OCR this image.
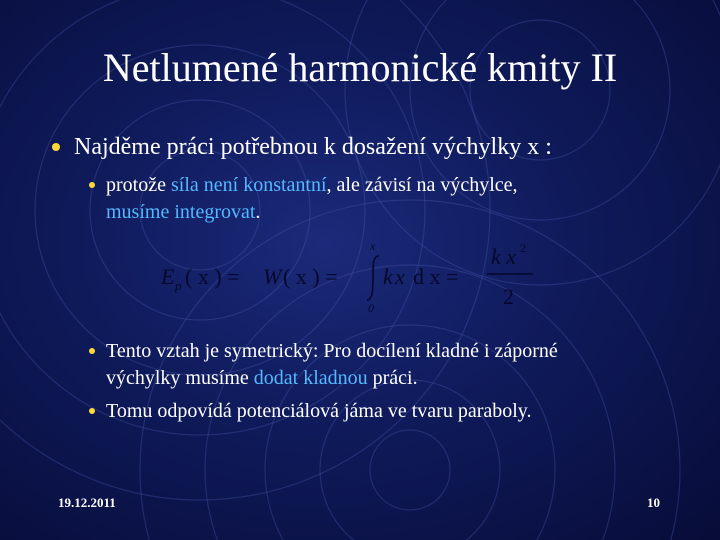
Netlumené harmonické kmity II
Najděme práci potřebnou k dosažení výchylky x :
protože síla není konstantní, ale závisí na výchylce,
musíme integrovat.
E p ( x ) = W ( x ) =
x
0
k x d x =
k x 2
2
Tento vztah je symetrický: Pro docílení kladné i záporné
výchylky musíme dodat kladnou práci.
Tomu odpovídá potenciálová jáma ve tvaru paraboly.
19.12.2011	10
